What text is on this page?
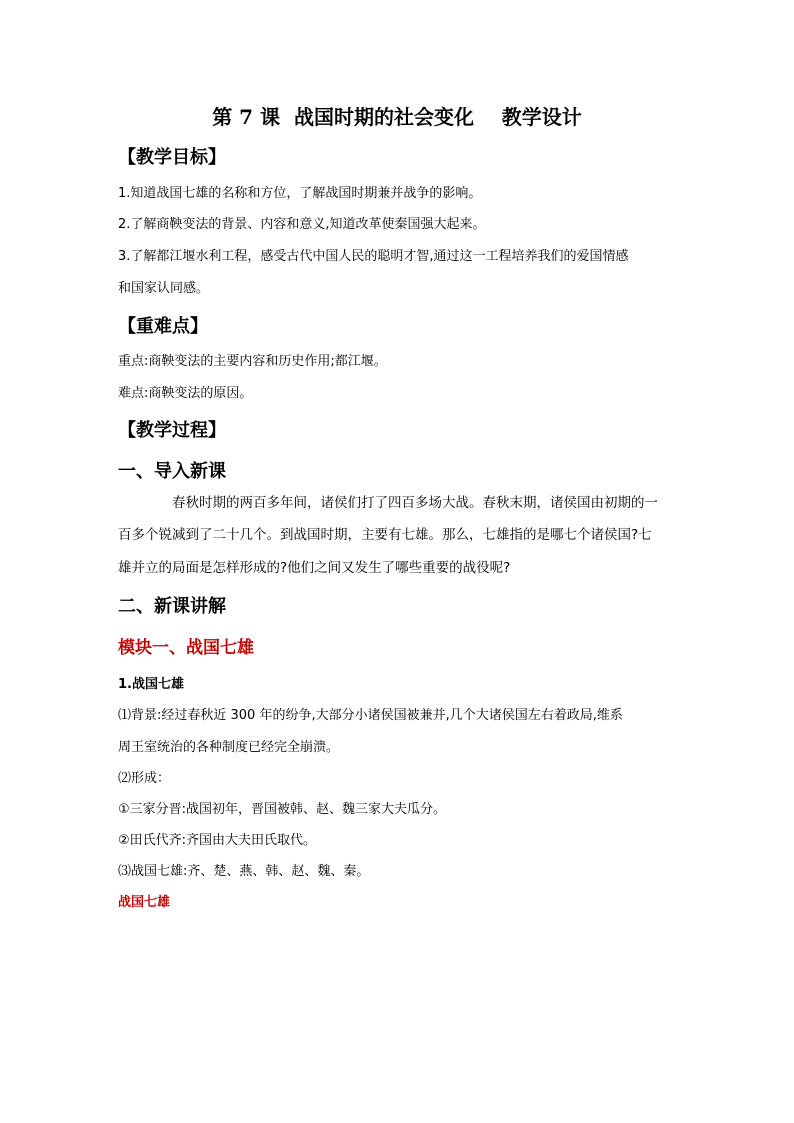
第 7 课  战国时期的社会变化    教学设计
【教学目标】
1.知道战国七雄的名称和方位，了解战国时期兼并战争的影响。
2.了解商鞅变法的背景、内容和意义,知道改革使秦国强大起来。
3.了解都江堰水利工程，感受古代中国人民的聪明才智,通过这一工程培养我们的爱国情感
和国家认同感。
【重难点】
重点:商鞅变法的主要内容和历史作用;都江堰。
难点:商鞅变法的原因。
【教学过程】
一、导入新课
春秋时期的两百多年间，诸侯们打了四百多场大战。春秋末期，诸侯国由初期的一
百多个锐减到了二十几个。到战国时期，主要有七雄。那么，七雄指的是哪七个诸侯国?七
雄并立的局面是怎样形成的?他们之间又发生了哪些重要的战役呢?
二、新课讲解
模块一、战国七雄
1.战国七雄
⑴背景:经过春秋近 300 年的纷争,大部分小诸侯国被兼并,几个大诸侯国左右着政局,维系
周王室统治的各种制度已经完全崩溃。
⑵形成：
①三家分晋:战国初年，晋国被韩、赵、魏三家大夫瓜分。
②田氏代齐:齐国由大夫田氏取代。
⑶战国七雄:齐、楚、燕、韩、赵、魏、秦。
战国七雄
